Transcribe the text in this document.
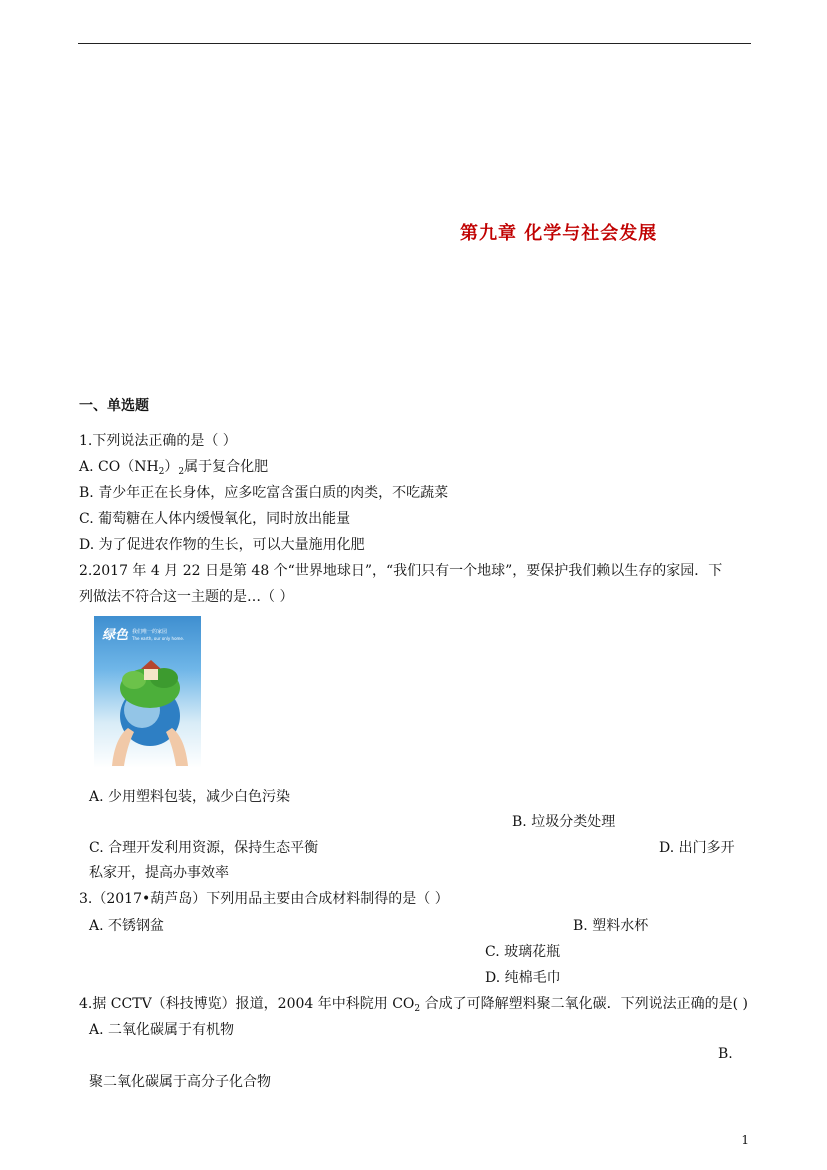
第九章 化学与社会发展
一、单选题
1.下列说法正确的是（ ）
A. $CO(NH_2)_2$属于复合化肥
B. 青少年正在长身体，应多吃富含蛋白质的肉类，不吃蔬菜
C. 葡萄糖在人体内缓慢氧化，同时放出能量
D. 为了促进农作物的生长，可以大量施用化肥
2.2017 年 4 月 22 日是第 48 个“世界地球日”，“我们只有一个地球”，要保护我们赖以生存的家园．下
列做法不符合这一主题的是…（ ）
绿色 我们唯一的家园
The earth, our only home.
A. 少用塑料包装，减少白色污染
B. 垃圾分类处理
C. 合理开发利用资源，保持生态平衡	D. 出门多开
私家开，提高办事效率
3.（2017•葫芦岛）下列用品主要由合成材料制得的是（ ）
A. 不锈钢盆	B. 塑料水杯
C. 玻璃花瓶
D. 纯棉毛巾
4.据 CCTV（科技博览）报道，2004 年中科院用 $CO_2$ 合成了可降解塑料聚二氧化碳．下列说法正确的是( )
A. 二氧化碳属于有机物
B.
聚二氧化碳属于高分子化合物
1
